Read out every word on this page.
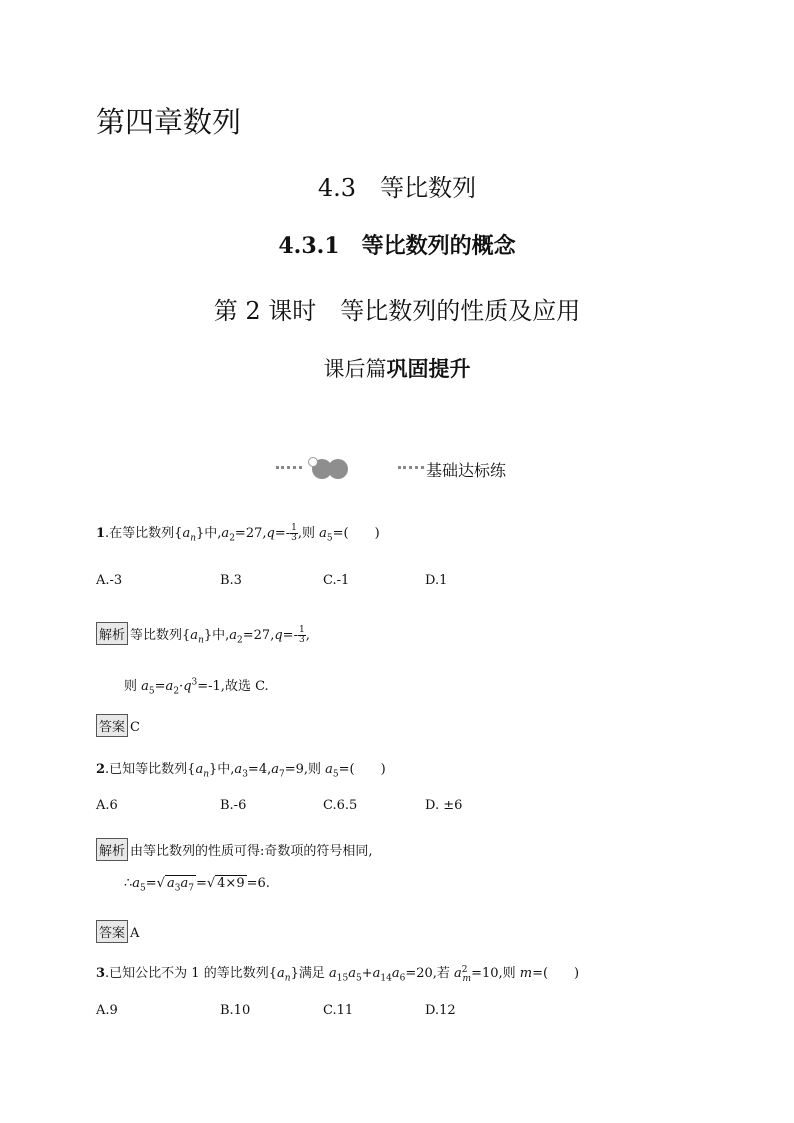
第四章数列
4.3　等比数列
4.3.1　等比数列的概念
第 2 课时　等比数列的性质及应用
课后篇巩固提升
基础达标练
1.在等比数列$\{a_n\}$中$,a_2=27,q=- \frac{1}{3}$ ,则 $a_5=$(　　)
A.-3	B.3	C.-1	D.1
解析 等比数列$\{a_n\}$中$,a_2=27,q=- \frac{1}{3}$ ,
则 $a_5=a_2\cdot q^3=-1$,故选 C.
答案 C
2.已知等比数列$\{a_n\}$中$,a_3=4,a_7=9$,则 $a_5=$(　　)
A.6	B.-6	C.6.5	D. ±6
解析 由等比数列的性质可得:奇数项的符号相同,
$\therefore a_5=√$ $a_3a_7$ =√ 4×9 =6.
答案 A
3.已知公比不为 1 的等比数列$\{a_n\}$满足 $a_{15}a_5+a_{14}a_6=20$,若 $a^2_m=10$,则 m=(　　)
A.9	B.10	C.11	D.12
